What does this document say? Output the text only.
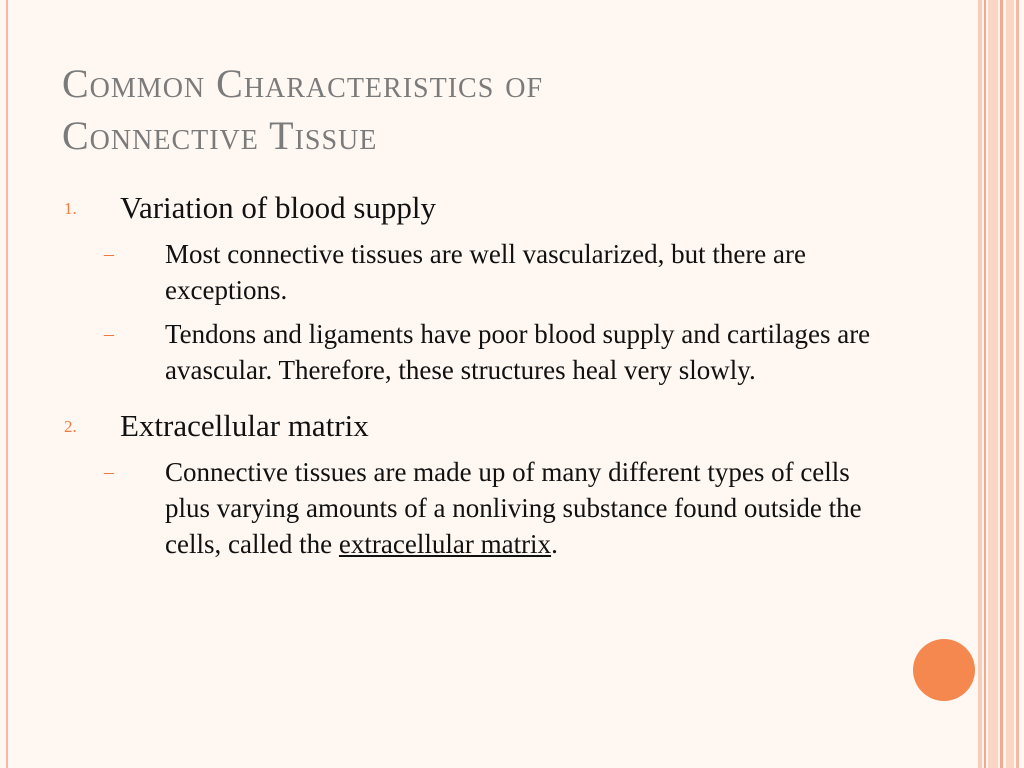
Common Characteristics of
Connective Tissue
1. Variation of blood supply
– Most connective tissues are well vascularized, but there are exceptions.
– Tendons and ligaments have poor blood supply and cartilages are avascular. Therefore, these structures heal very slowly.
2. Extracellular matrix
– Connective tissues are made up of many different types of cells plus varying amounts of a nonliving substance found outside the cells, called the extracellular matrix.
